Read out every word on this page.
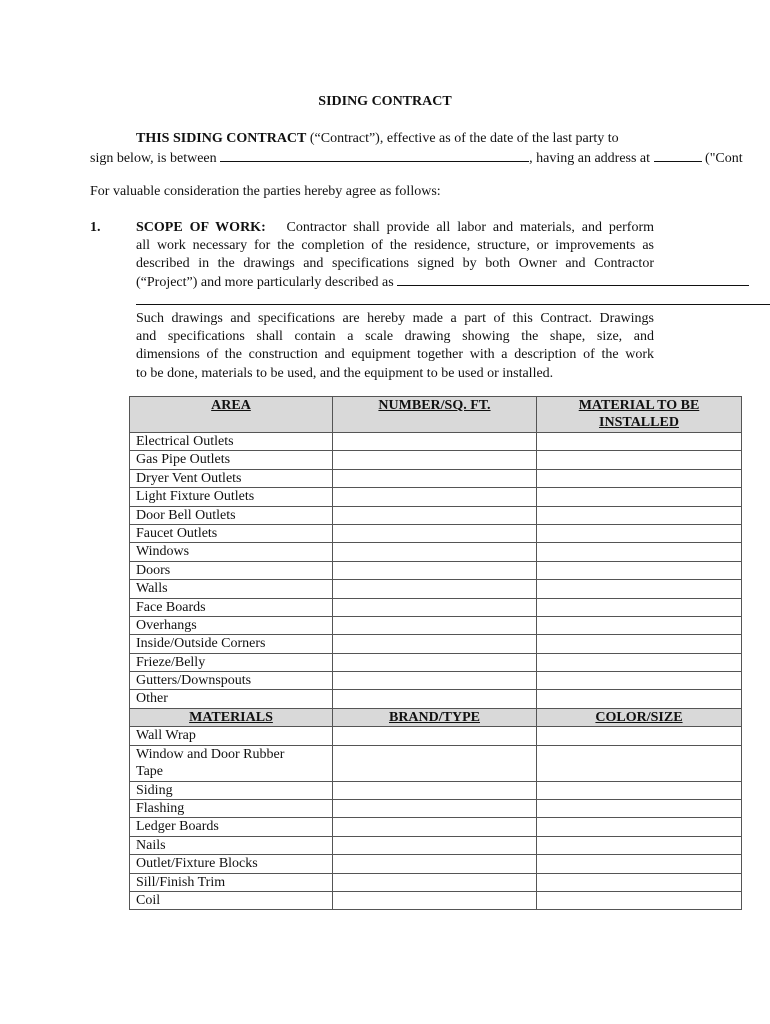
SIDING CONTRACT
THIS SIDING CONTRACT (“Contract”), effective as of the date of the last party to
sign below, is between	, having an address at	("Cont
For valuable consideration the parties hereby agree as follows:
1.	SCOPE OF WORK: Contractor shall provide all labor and materials, and perform
all work necessary for the completion of the residence, structure, or improvements as
described in the drawings and specifications signed by both Owner and Contractor
(“Project”) and more particularly described as
Such drawings and specifications are hereby made a part of this Contract. Drawings
and specifications shall contain a scale drawing showing the shape, size, and
dimensions of the construction and equipment together with a description of the work
to be done, materials to be used, and the equipment to be used or installed.
AREA	NUMBER/SQ. FT.	MATERIAL TO BE
INSTALLED
Electrical Outlets		
Gas Pipe Outlets		
Dryer Vent Outlets		
Light Fixture Outlets		
Door Bell Outlets		
Faucet Outlets		
Windows		
Doors		
Walls		
Face Boards		
Overhangs		
Inside/Outside Corners		
Frieze/Belly		
Gutters/Downspouts		
Other		
MATERIALS	BRAND/TYPE	COLOR/SIZE
Wall Wrap		
Window and Door Rubber
Tape		
Siding		
Flashing		
Ledger Boards		
Nails		
Outlet/Fixture Blocks		
Sill/Finish Trim		
Coil		
